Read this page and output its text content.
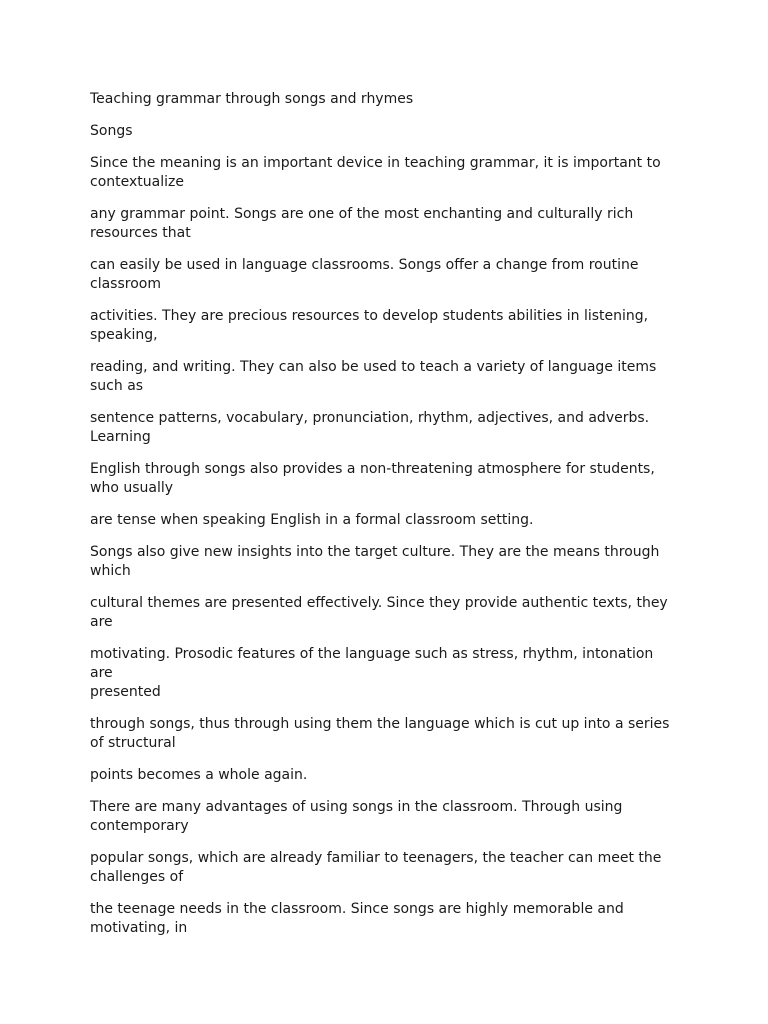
Teaching grammar through songs and rhymes

Songs

Since the meaning is an important device in teaching grammar, it is important to
contextualize

any grammar point. Songs are one of the most enchanting and culturally rich
resources that

can easily be used in language classrooms. Songs offer a change from routine
classroom

activities. They are precious resources to develop students abilities in listening,
speaking,

reading, and writing. They can also be used to teach a variety of language items
such as

sentence patterns, vocabulary, pronunciation, rhythm, adjectives, and adverbs.
Learning

English through songs also provides a non-threatening atmosphere for students,
who usually

are tense when speaking English in a formal classroom setting.

Songs also give new insights into the target culture. They are the means through
which

cultural themes are presented effectively. Since they provide authentic texts, they
are

motivating. Prosodic features of the language such as stress, rhythm, intonation are
presented

through songs, thus through using them the language which is cut up into a series
of structural

points becomes a whole again.

There are many advantages of using songs in the classroom. Through using
contemporary

popular songs, which are already familiar to teenagers, the teacher can meet the
challenges of

the teenage needs in the classroom. Since songs are highly memorable and
motivating, in
